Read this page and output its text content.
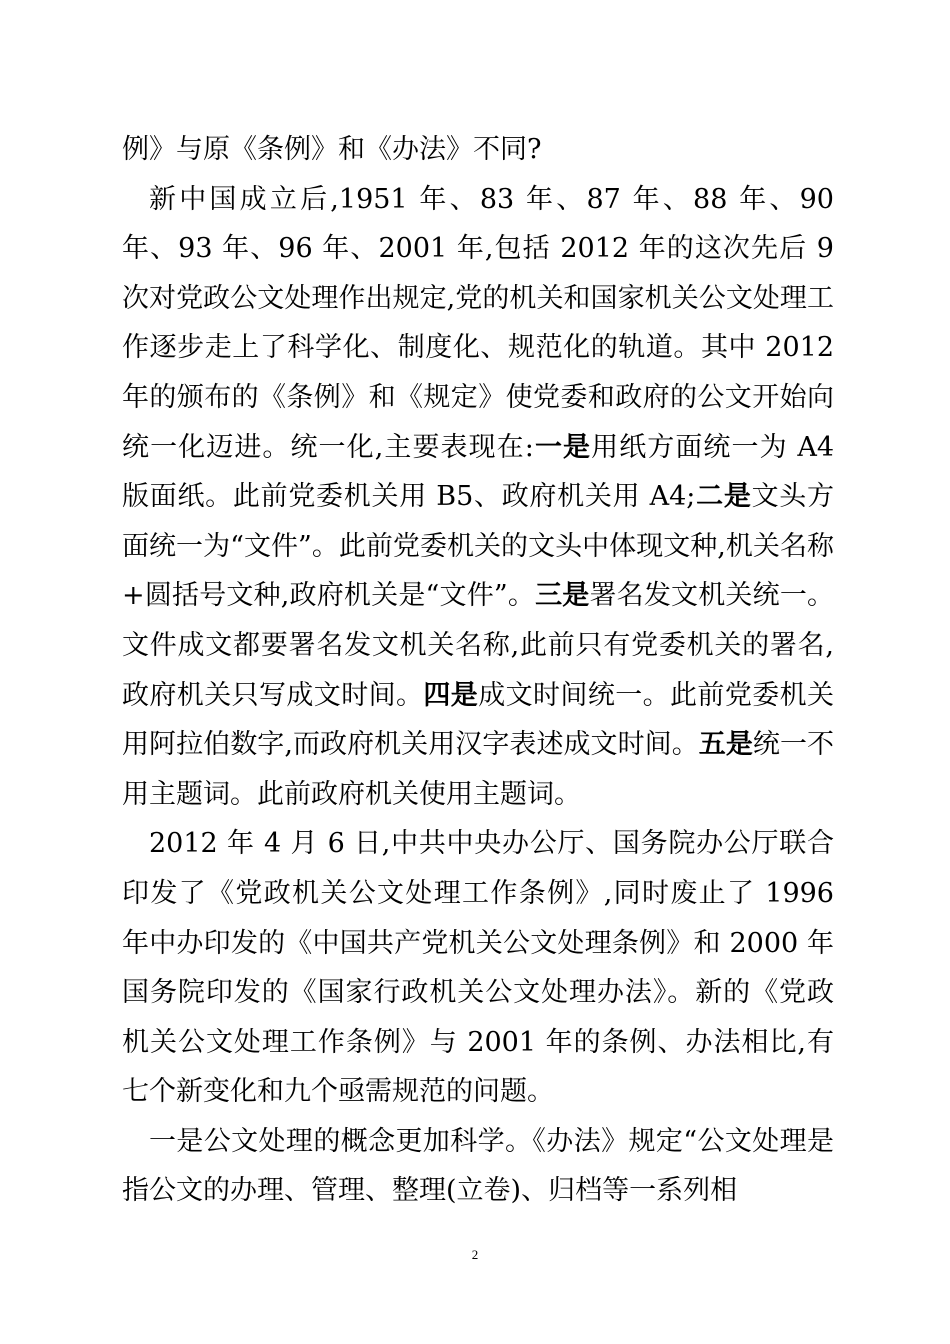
例》与原《条例》和《办法》不同?

新中国成立后,1951 年、83 年、87 年、88 年、90 年、93 年、96 年、2001 年,包括 2012 年的这次先后 9 次对党政公文处理作出规定,党的机关和国家机关公文处理工作逐步走上了科学化、制度化、规范化的轨道。其中 2012 年的颁布的《条例》和《规定》使党委和政府的公文开始向统一化迈进。统一化,主要表现在:一是用纸方面统一为 A4 版面纸。此前党委机关用 B5、政府机关用 A4;二是文头方面统一为“文件”。此前党委机关的文头中体现文种,机关名称+圆括号文种,政府机关是“文件”。三是署名发文机关统一。文件成文都要署名发文机关名称,此前只有党委机关的署名,政府机关只写成文时间。四是成文时间统一。此前党委机关用阿拉伯数字,而政府机关用汉字表述成文时间。五是统一不用主题词。此前政府机关使用主题词。

2012 年 4 月 6 日,中共中央办公厅、国务院办公厅联合印发了《党政机关公文处理工作条例》,同时废止了 1996 年中办印发的《中国共产党机关公文处理条例》和 2000 年国务院印发的《国家行政机关公文处理办法》。新的《党政机关公文处理工作条例》与 2001 年的条例、办法相比,有七个新变化和九个亟需规范的问题。

一是公文处理的概念更加科学。《办法》规定“公文处理是指公文的办理、管理、整理(立卷)、归档等一系列相

2
